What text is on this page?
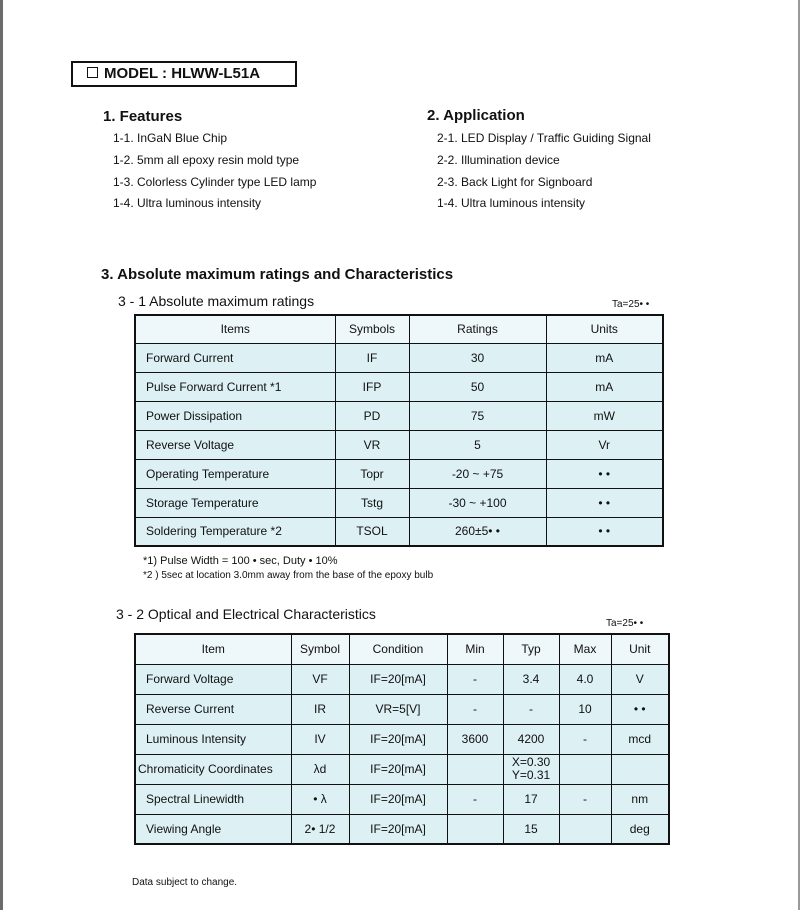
MODEL : HLWW-L51A
1. Features
1-1. InGaN Blue Chip
1-2. 5mm all epoxy resin mold type
1-3. Colorless Cylinder type LED lamp
1-4. Ultra luminous intensity
2. Application
2-1. LED Display / Traffic Guiding Signal
2-2. Illumination device
2-3. Back Light for Signboard
1-4. Ultra luminous intensity
3. Absolute maximum ratings and Characteristics
3 - 1 Absolute maximum ratings	Ta=25• •
Items	Symbols	Ratings	Units
Forward Current	IF	30	mA
Pulse Forward Current *1	IFP	50	mA
Power Dissipation	PD	75	mW
Reverse Voltage	VR	5	Vr
Operating Temperature	Topr	-20 ~ +75	• •
Storage Temperature	Tstg	-30 ~ +100	• •
Soldering Temperature *2	TSOL	260±5• •	• •
*1) Pulse Width = 100 • sec, Duty • 10%
*2 ) 5sec at location 3.0mm away from the base of the epoxy bulb
3 - 2 Optical and Electrical Characteristics
Ta=25• •
Item	Symbol	Condition	Min	Typ	Max	Unit
Forward Voltage	VF	IF=20[mA]	-	3.4	4.0	V
Reverse Current	IR	VR=5[V]	-	-	10	• •
Luminous Intensity	IV	IF=20[mA]	3600	4200	-	mcd
Chromaticity Coordinates	λd	IF=20[mA]		X=0.30
Y=0.31		
Spectral Linewidth	• λ	IF=20[mA]	-	17	-	nm
Viewing Angle	2• 1/2	IF=20[mA]		15		deg
Data subject to change.
